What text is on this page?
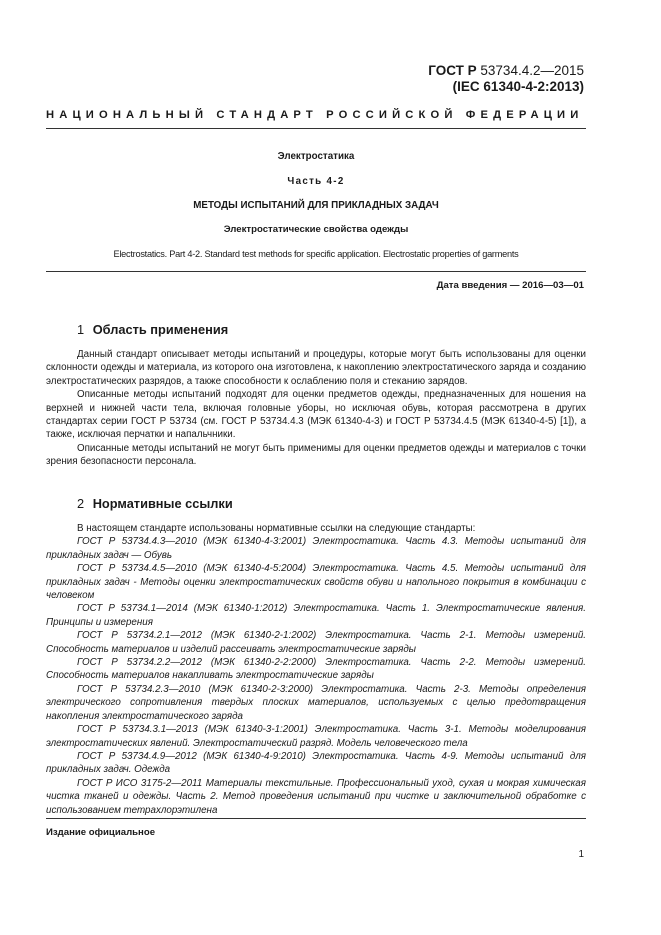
ГОСТ Р 53734.4.2—2015
(IEC 61340-4-2:2013)
НАЦИОНАЛЬНЫЙ СТАНДАРТ РОССИЙСКОЙ ФЕДЕРАЦИИ
Электростатика
Часть 4-2
МЕТОДЫ ИСПЫТАНИЙ ДЛЯ ПРИКЛАДНЫХ ЗАДАЧ
Электростатические свойства одежды
Electrostatics. Part 4-2. Standard test methods for specific application. Electrostatic properties of garments
Дата введения — 2016—03—01
1 Область применения

Данный стандарт описывает методы испытаний и процедуры, которые могут быть использованы для оценки склонности одежды и материала, из которого она изготовлена, к накоплению электростатического заряда и созданию электростатических разрядов, а также способности к ослаблению поля и стеканию зарядов.

Описанные методы испытаний подходят для оценки предметов одежды, предназначенных для ношения на верхней и нижней части тела, включая головные уборы, но исключая обувь, которая рассмотрена в других стандартах серии ГОСТ Р 53734 (см. ГОСТ Р 53734.4.3 (МЭК 61340-4-3) и ГОСТ Р 53734.4.5 (МЭК 61340-4-5) [1]), а также, исключая перчатки и напальчники.

Описанные методы испытаний не могут быть применимы для оценки предметов одежды и материалов с точки зрения безопасности персонала.

2 Нормативные ссылки

В настоящем стандарте использованы нормативные ссылки на следующие стандарты:

ГОСТ Р 53734.4.3—2010 (МЭК 61340-4-3:2001) Электростатика. Часть 4.3. Методы испытаний для прикладных задач — Обувь

ГОСТ Р 53734.4.5—2010 (МЭК 61340-4-5:2004) Электростатика. Часть 4.5. Методы испытаний для прикладных задач - Методы оценки электростатических свойств обуви и напольного покрытия в комбинации с человеком

ГОСТ Р 53734.1—2014 (МЭК 61340-1:2012) Электростатика. Часть 1. Электростатические явления. Принципы и измерения

ГОСТ Р 53734.2.1—2012 (МЭК 61340-2-1:2002) Электростатика. Часть 2-1. Методы измерений. Способность материалов и изделий рассеивать электростатические заряды

ГОСТ Р 53734.2.2—2012 (МЭК 61340-2-2:2000) Электростатика. Часть 2-2. Методы измерений. Способность материалов накапливать электростатические заряды

ГОСТ Р 53734.2.3—2010 (МЭК 61340-2-3:2000) Электростатика. Часть 2-3. Методы определения электрического сопротивления твердых плоских материалов, используемых с целью предотвращения накопления электростатического заряда

ГОСТ Р 53734.3.1—2013 (МЭК 61340-3-1:2001) Электростатика. Часть 3-1. Методы моделирования электростатических явлений. Электростатический разряд. Модель человеческого тела

ГОСТ Р 53734.4.9—2012 (МЭК 61340-4-9:2010) Электростатика. Часть 4-9. Методы испытаний для прикладных задач. Одежда

ГОСТ Р ИСО 3175-2—2011 Материалы текстильные. Профессиональный уход, сухая и мокрая химическая чистка тканей и одежды. Часть 2. Метод проведения испытаний при чистке и заключительной обработке с использованием тетрахлорэтилена

Издание официальное
1
